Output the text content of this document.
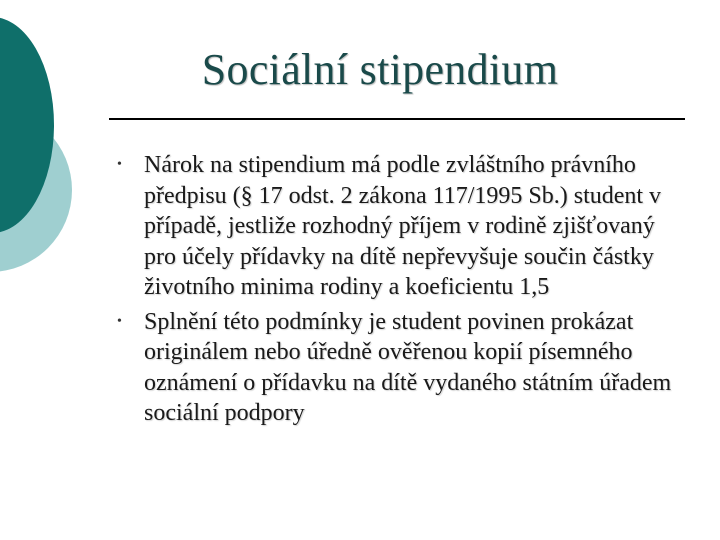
Sociální stipendium
• Nárok na stipendium má podle zvláštního právního předpisu (§ 17 odst. 2 zákona 117/1995 Sb.) student v případě, jestliže rozhodný příjem v rodině zjišťovaný pro účely přídavky na dítě nepřevyšuje součin částky životního minima rodiny a koeficientu 1,5
• Splnění této podmínky je student povinen prokázat originálem nebo úředně ověřenou kopií písemného oznámení o přídavku na dítě vydaného státním úřadem sociální podpory
